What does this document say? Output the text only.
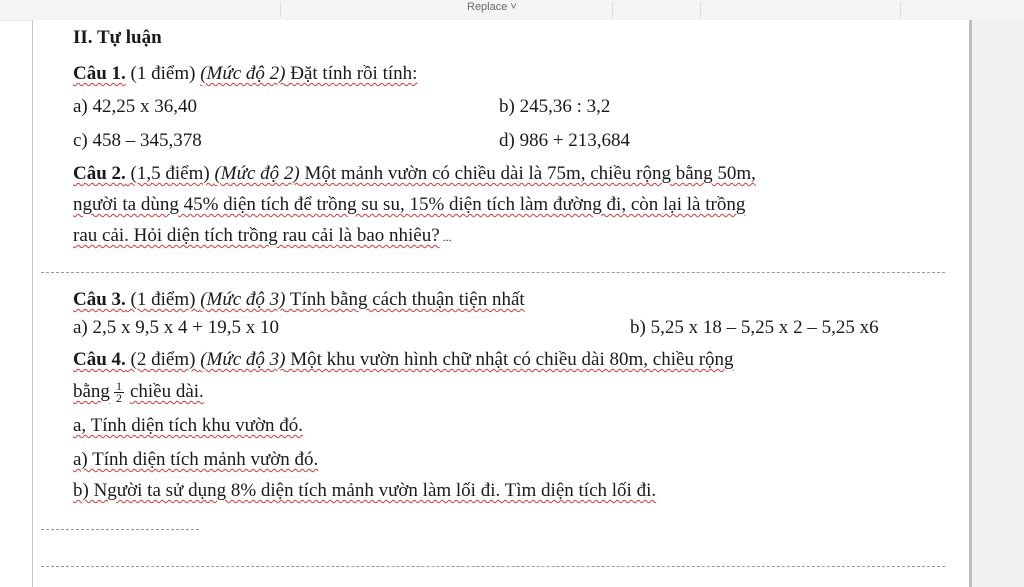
Replace ˅
II. Tự luận
Câu 1. (1 điểm) (Mức độ 2) Đặt tính rồi tính:
a) 42,25 x 36,40	b) 245,36 : 3,2
c) 458 – 345,378	d) 986 + 213,684
Câu 2. (1,5 điểm) (Mức độ 2) Một mảnh vườn có chiều dài là 75m, chiều rộng bằng 50m,
người ta dùng 45% diện tích để trồng su su, 15% diện tích làm đường đi, còn lại là trồng
rau cải. Hỏi diện tích trồng rau cải là bao nhiêu? ...
Câu 3. (1 điểm) (Mức độ 3) Tính bằng cách thuận tiện nhất
a) 2,5 x 9,5 x 4 + 19,5 x 10	b) 5,25 x 18 – 5,25 x 2 – 5,25 x6
Câu 4. (2 điểm) (Mức độ 3) Một khu vườn hình chữ nhật có chiều dài 80m, chiều rộng
bằng $\frac{1}{2}$ chiều dài.
a, Tính diện tích khu vườn đó.
a) Tính diện tích mảnh vườn đó.
b) Người ta sử dụng 8% diện tích mảnh vườn làm lối đi. Tìm diện tích lối đi.
